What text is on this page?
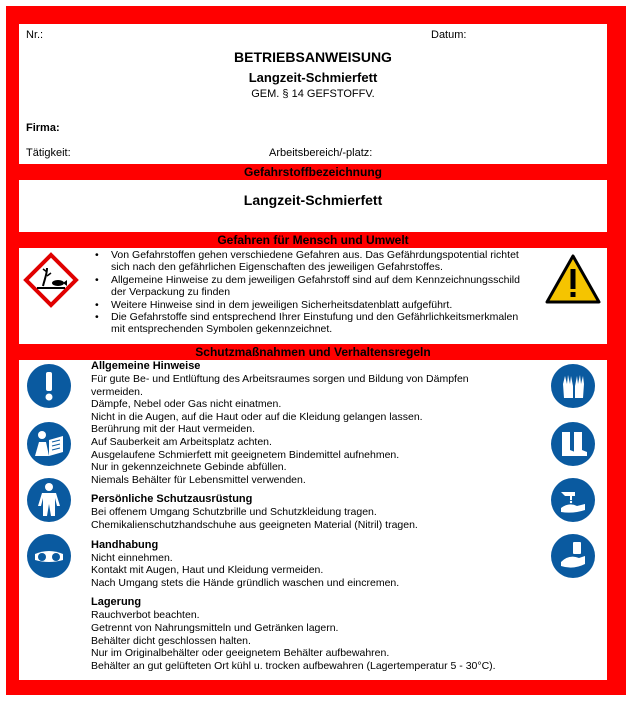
Nr.:	Datum:
BETRIEBSANWEISUNG
Langzeit-Schmierfett
GEM. § 14 GEFSTOFFV.
Firma:
Tätigkeit:	Arbeitsbereich/-platz:
Gefahrstoffbezeichnung
Langzeit-Schmierfett
Gefahren für Mensch und Umwelt
• Von Gefahrstoffen gehen verschiedene Gefahren aus. Das Gefährdungspotential richtet sich nach den gefährlichen Eigenschaften des jeweiligen Gefahrstoffes.
• Allgemeine Hinweise zu dem jeweiligen Gefahrstoff sind auf dem Kennzeichnungsschild der Verpackung zu finden
• Weitere Hinweise sind in dem jeweiligen Sicherheitsdatenblatt aufgeführt.
• Die Gefahrstoffe sind entsprechend Ihrer Einstufung und den Gefährlichkeitsmerkmalen mit entsprechenden Symbolen gekennzeichnet.
Schutzmaßnahmen und Verhaltensregeln
Allgemeine Hinweise
Für gute Be- und Entlüftung des Arbeitsraumes sorgen und Bildung von Dämpfen
vermeiden.
Dämpfe, Nebel oder Gas nicht einatmen.
Nicht in die Augen, auf die Haut oder auf die Kleidung gelangen lassen.
Berührung mit der Haut vermeiden.
Auf Sauberkeit am Arbeitsplatz achten.
Ausgelaufene Schmierfett mit geeignetem Bindemittel aufnehmen.
Nur in gekennzeichnete Gebinde abfüllen.
Niemals Behälter für Lebensmittel verwenden.
Persönliche Schutzausrüstung
Bei offenem Umgang Schutzbrille und Schutzkleidung tragen.
Chemikalienschutzhandschuhe aus geeigneten Material (Nitril) tragen.
Handhabung
Nicht einnehmen.
Kontakt mit Augen, Haut und Kleidung vermeiden.
Nach Umgang stets die Hände gründlich waschen und eincremen.
Lagerung
Rauchverbot beachten.
Getrennt von Nahrungsmitteln und Getränken lagern.
Behälter dicht geschlossen halten.
Nur im Originalbehälter oder geeignetem Behälter aufbewahren.
Behälter an gut gelüfteten Ort kühl u. trocken aufbewahren (Lagertemperatur 5 - 30°C).
